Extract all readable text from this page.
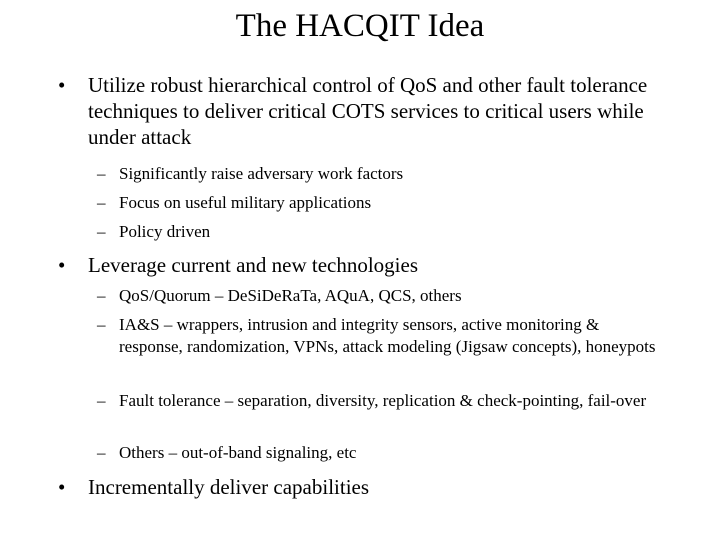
The HACQIT Idea
• Utilize robust hierarchical control of QoS and other fault tolerance techniques to deliver critical COTS services to critical users while under attack
– Significantly raise adversary work factors
– Focus on useful military applications
– Policy driven
• Leverage current and new technologies
– QoS/Quorum – DeSiDeRaTa, AQuA, QCS, others
– IA&S – wrappers, intrusion and integrity sensors, active monitoring & response, randomization, VPNs, attack modeling (Jigsaw concepts), honeypots
– Fault tolerance – separation, diversity, replication & check-pointing, fail-over
– Others – out-of-band signaling, etc
• Incrementally deliver capabilities
